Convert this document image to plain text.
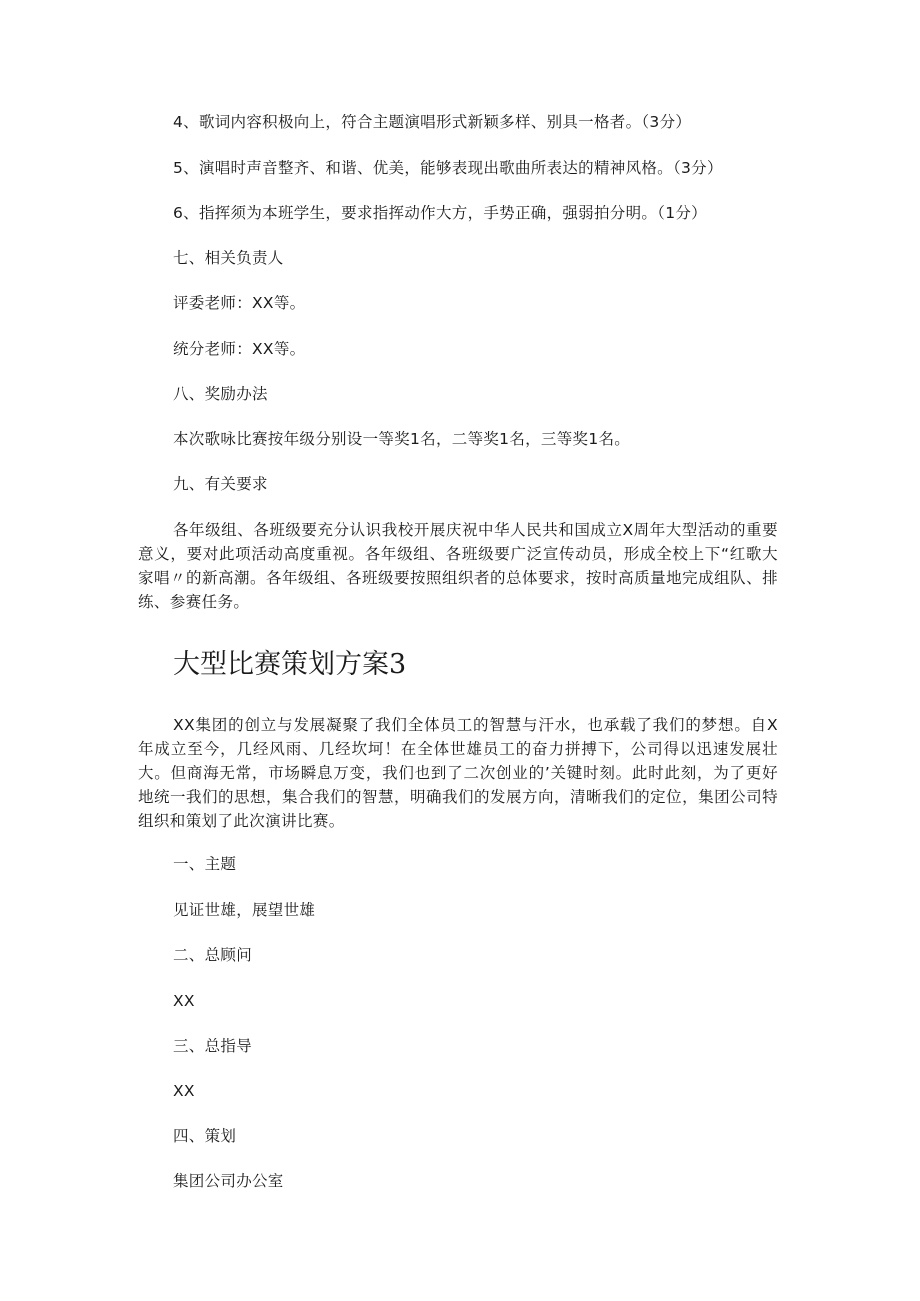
4、歌词内容积极向上，符合主题演唱形式新颖多样、别具一格者。（3分）
5、演唱时声音整齐、和谐、优美，能够表现出歌曲所表达的精神风格。（3分）
6、指挥须为本班学生，要求指挥动作大方，手势正确，强弱拍分明。（1分）
七、相关负责人
评委老师：XX等。
统分老师：XX等。
八、奖励办法
本次歌咏比赛按年级分别设一等奖1名，二等奖1名，三等奖1名。
九、有关要求
各年级组、各班级要充分认识我校开展庆祝中华人民共和国成立X周年大型活动的重要意义，要对此项活动高度重视。各年级组、各班级要广泛宣传动员，形成全校上下“红歌大家唱〃的新高潮。各年级组、各班级要按照组织者的总体要求，按时高质量地完成组队、排练、参赛任务。
大型比赛策划方案3
XX集团的创立与发展凝聚了我们全体员工的智慧与汗水，也承载了我们的梦想。自X年成立至今，几经风雨、几经坎坷！在全体世雄员工的奋力拼搏下，公司得以迅速发展壮大。但商海无常，市场瞬息万变，我们也到了二次创业的’关键时刻。此时此刻，为了更好地统一我们的思想，集合我们的智慧，明确我们的发展方向，清晰我们的定位，集团公司特组织和策划了此次演讲比赛。
一、主题
见证世雄，展望世雄
二、总顾问
XX
三、总指导
XX
四、策划
集团公司办公室
